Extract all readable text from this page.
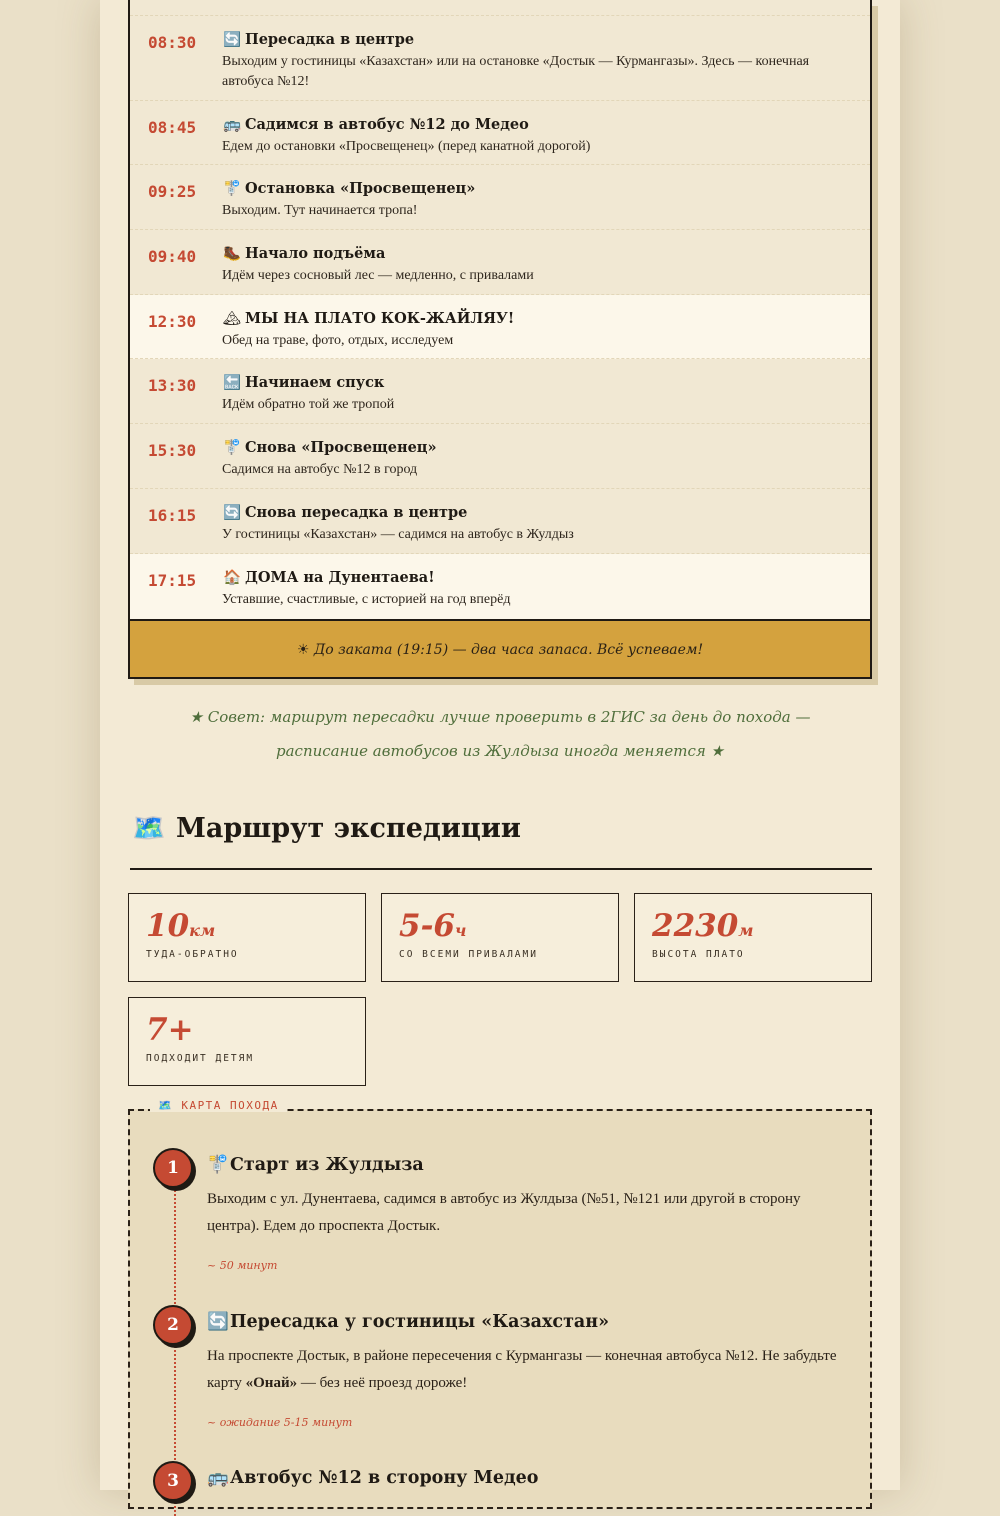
08:30 🔄 Пересадка в центре
Выходим у гостиницы «Казахстан» или на остановке «Достык — Курмангазы». Здесь — конечная автобуса №12!
08:45 🚌 Садимся в автобус №12 до Медео
Едем до остановки «Просвещенец» (перед канатной дорогой)
09:25 🚏 Остановка «Просвещенец»
Выходим. Тут начинается тропа!
09:40 🥾 Начало подъёма
Идём через сосновый лес — медленно, с привалами
12:30 🏔 МЫ НА ПЛАТО КОК-ЖАЙЛЯУ!
Обед на траве, фото, отдых, исследуем
13:30 🔙 Начинаем спуск
Идём обратно той же тропой
15:30 🚏 Снова «Просвещенец»
Садимся на автобус №12 в город
16:15 🔄 Снова пересадка в центре
У гостиницы «Казахстан» — садимся на автобус в Жулдыз
17:15 🏠 ДОМА на Дунентаева!
Уставшие, счастливые, с историей на год вперёд
☀ До заката (19:15) — два часа запаса. Всё успеваем!
★ Совет: маршрут пересадки лучше проверить в 2ГИС за день до похода — расписание автобусов из Жулдыза иногда меняется ★
🗺️ Маршрут экспедиции
10км
ТУДА-ОБРАТНО
5-6ч
СО ВСЕМИ ПРИВАЛАМИ
2230м
ВЫСОТА ПЛАТО
7+
ПОДХОДИТ ДЕТЯМ
🗺️ КАРТА ПОХОДА
1	🚏Старт из Жулдыза
Выходим с ул. Дунентаева, садимся в автобус из Жулдыза (№51, №121 или другой в сторону центра). Едем до проспекта Достык.
~ 50 минут
2	🔄Пересадка у гостиницы «Казахстан»
На проспекте Достык, в районе пересечения с Курмангазы — конечная автобуса №12. Не забудьте карту «Онай» — без неё проезд дороже!
~ ожидание 5-15 минут
3	🚌Автобус №12 в сторону Медео
